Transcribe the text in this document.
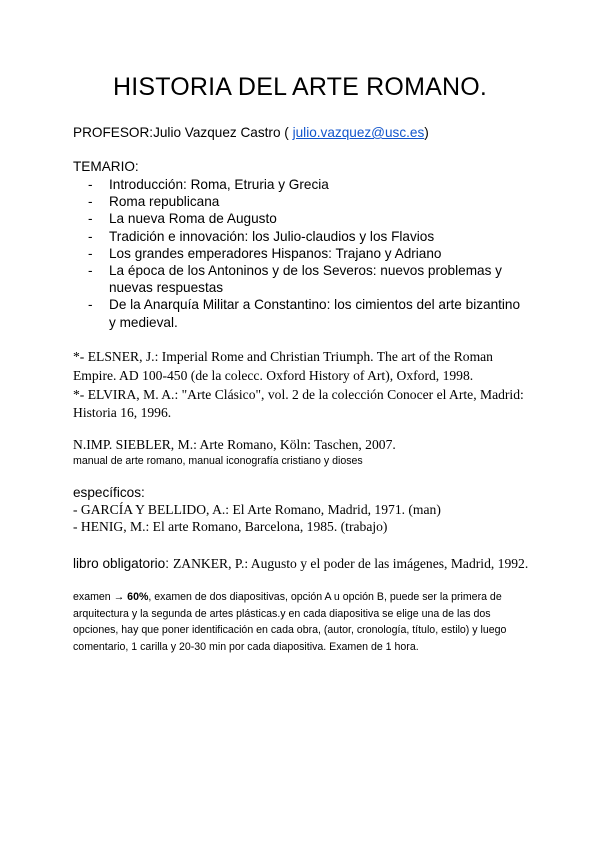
HISTORIA DEL ARTE ROMANO.
PROFESOR:Julio Vazquez Castro ( julio.vazquez@usc.es)
TEMARIO:
- Introducción: Roma, Etruria y Grecia
- Roma republicana
- La nueva Roma de Augusto
- Tradición e innovación: los Julio-claudios y los Flavios
- Los grandes emperadores Hispanos: Trajano y Adriano
- La época de los Antoninos y de los Severos: nuevos problemas y nuevas respuestas
- De la Anarquía Militar a Constantino: los cimientos del arte bizantino y medieval.
*- ELSNER, J.: Imperial Rome and Christian Triumph. The art of the Roman
Empire. AD 100-450 (de la colecc. Oxford History of Art), Oxford, 1998.
*- ELVIRA, M. A.: "Arte Clásico", vol. 2 de la colección Conocer el Arte, Madrid:
Historia 16, 1996.
N.IMP. SIEBLER, M.: Arte Romano, Köln: Taschen, 2007.
manual de arte romano, manual iconografía cristiano y dioses
específicos:
- GARCÍA Y BELLIDO, A.: El Arte Romano, Madrid, 1971. (man)
- HENIG, M.: El arte Romano, Barcelona, 1985. (trabajo)
libro obligatorio: ZANKER, P.: Augusto y el poder de las imágenes, Madrid, 1992.
examen → 60%, examen de dos diapositivas, opción A u opción B, puede ser la primera de arquitectura y la segunda de artes plásticas.y en cada diapositiva se elige una de las dos opciones, hay que poner identificación en cada obra, (autor, cronología, título, estilo) y luego comentario, 1 carilla y 20-30 min por cada diapositiva. Examen de 1 hora.
